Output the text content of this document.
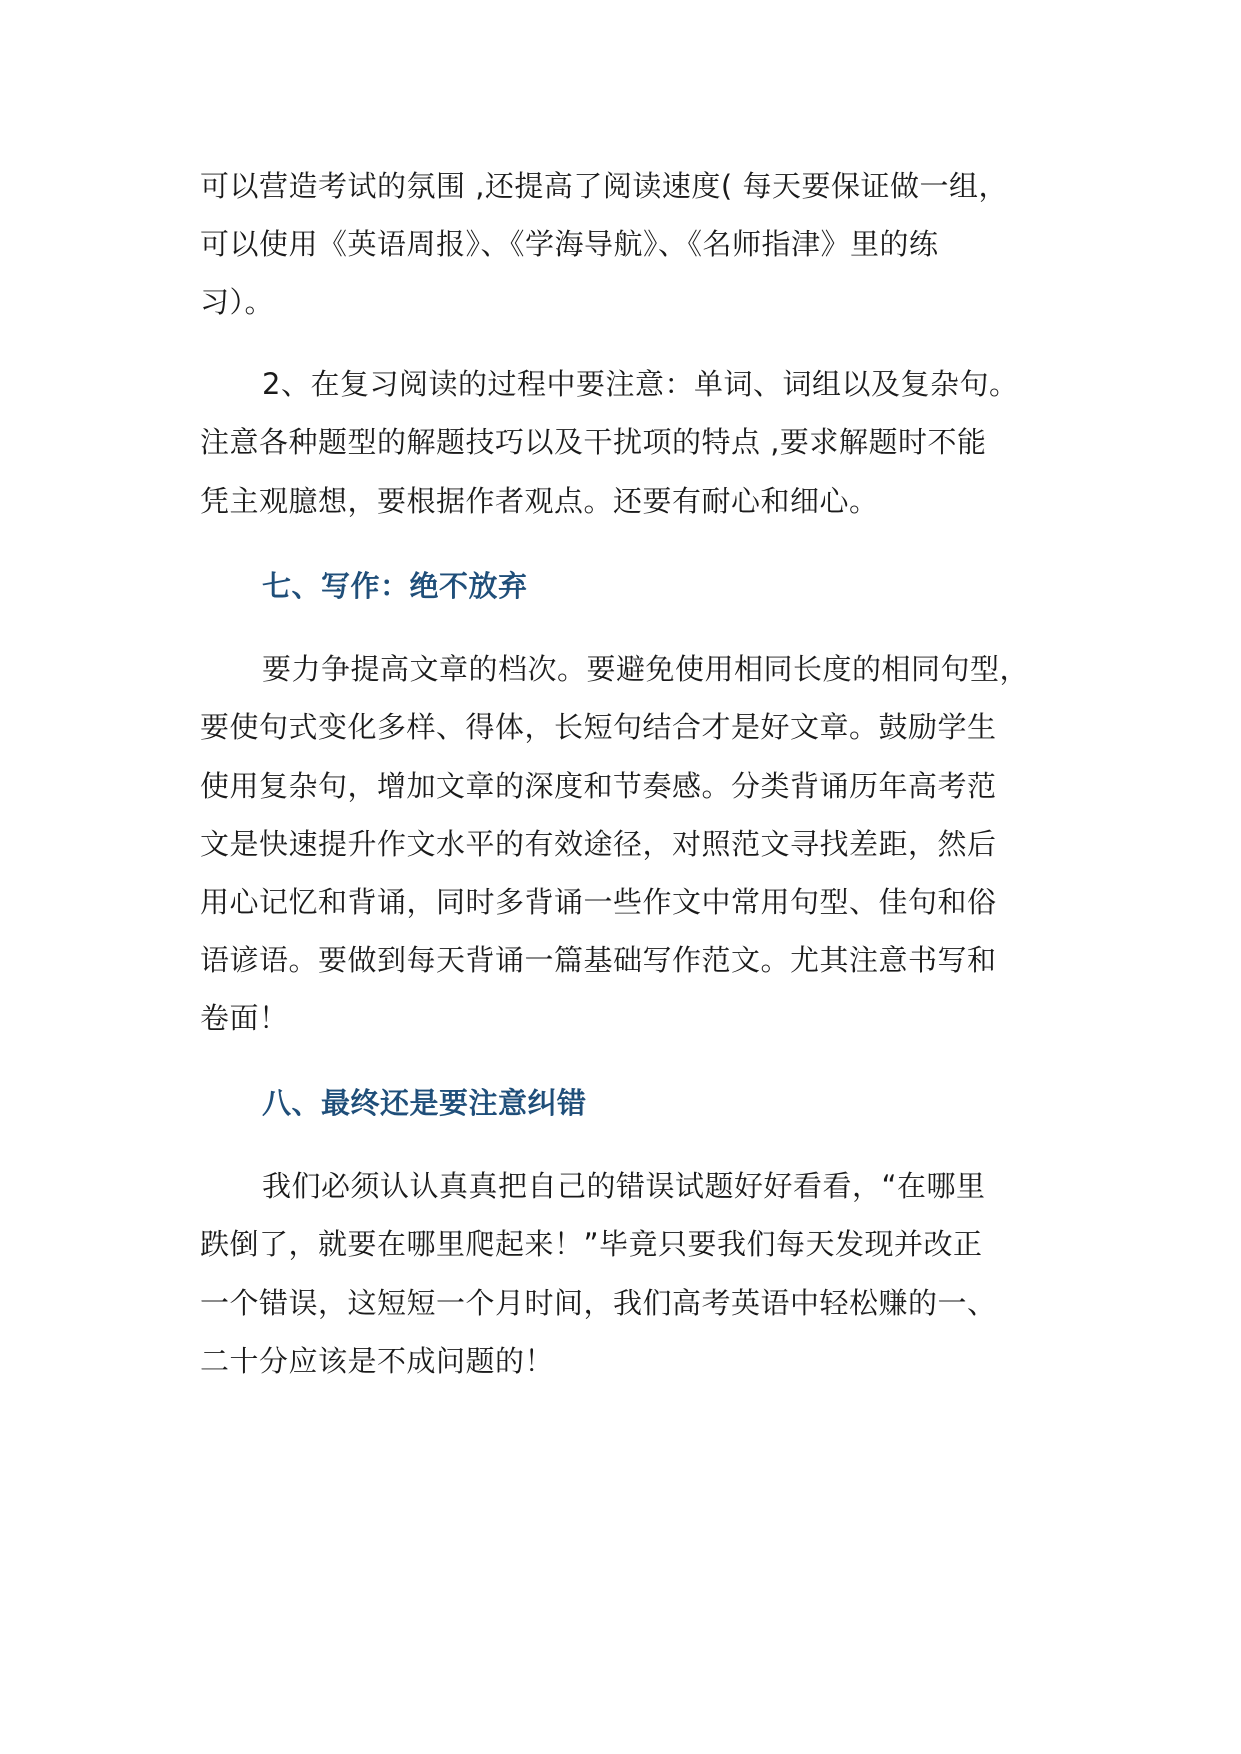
可以营造考试的氛围 ,还提高了阅读速度( 每天要保证做一组，
可以使用《英语周报》、《学海导航》、《名师指津》里的练
习）。
2、在复习阅读的过程中要注意：单词、词组以及复杂句。
注意各种题型的解题技巧以及干扰项的特点 ,要求解题时不能
凭主观臆想，要根据作者观点。还要有耐心和细心。
七、写作：绝不放弃
要力争提高文章的档次。要避免使用相同长度的相同句型，
要使句式变化多样、得体，长短句结合才是好文章。鼓励学生
使用复杂句，增加文章的深度和节奏感。分类背诵历年高考范
文是快速提升作文水平的有效途径，对照范文寻找差距，然后
用心记忆和背诵，同时多背诵一些作文中常用句型、佳句和俗
语谚语。要做到每天背诵一篇基础写作范文。尤其注意书写和
卷面！
八、最终还是要注意纠错
我们必须认认真真把自己的错误试题好好看看，“在哪里
跌倒了，就要在哪里爬起来！”毕竟只要我们每天发现并改正
一个错误，这短短一个月时间，我们高考英语中轻松赚的一、
二十分应该是不成问题的！
